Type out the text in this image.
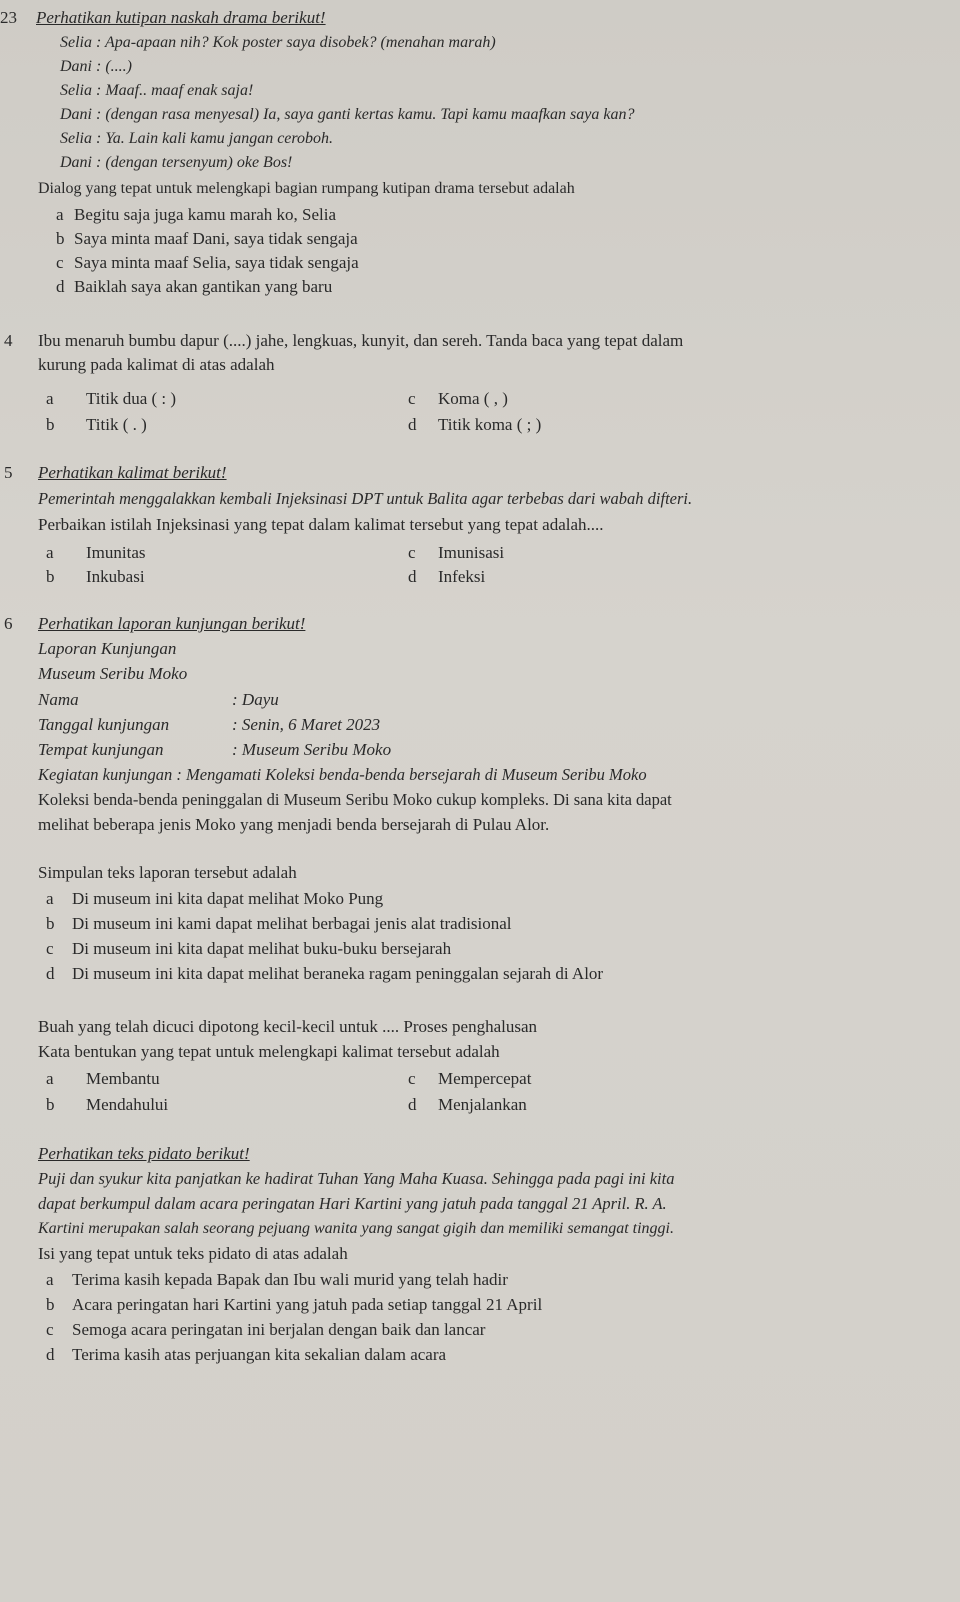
23 Perhatikan kutipan naskah drama berikut!
Selia : Apa-apaan nih? Kok poster saya disobek? (menahan marah)
Dani : (....)
Selia : Maaf.. maaf enak saja!
Dani : (dengan rasa menyesal) Ia, saya ganti kertas kamu. Tapi kamu maafkan saya kan?
Selia : Ya. Lain kali kamu jangan ceroboh.
Dani : (dengan tersenyum) oke Bos!
Dialog yang tepat untuk melengkapi bagian rumpang kutipan drama tersebut adalah
a Begitu saja juga kamu marah ko, Selia
b Saya minta maaf Dani, saya tidak sengaja
c Saya minta maaf Selia, saya tidak sengaja
d Baiklah saya akan gantikan yang baru
4 Ibu menaruh bumbu dapur (....) jahe, lengkuas, kunyit, dan sereh. Tanda baca yang tepat dalam
kurung pada kalimat di atas adalah
a Titik dua ( : )
b Titik ( . )
c Koma ( , )
d Titik koma ( ; )
5 Perhatikan kalimat berikut!
Pemerintah menggalakkan kembali Injeksinasi DPT untuk Balita agar terbebas dari wabah difteri.
Perbaikan istilah Injeksinasi yang tepat dalam kalimat tersebut yang tepat adalah....
a Imunitas
b Inkubasi
c Imunisasi
d Infeksi
6 Perhatikan laporan kunjungan berikut!
Laporan Kunjungan
Museum Seribu Moko
Nama	: Dayu
Tanggal kunjungan	: Senin, 6 Maret 2023
Tempat kunjungan	: Museum Seribu Moko
Kegiatan kunjungan : Mengamati Koleksi benda-benda bersejarah di Museum Seribu Moko
Koleksi benda-benda peninggalan di Museum Seribu Moko cukup kompleks. Di sana kita dapat
melihat beberapa jenis Moko yang menjadi benda bersejarah di Pulau Alor.
Simpulan teks laporan tersebut adalah
a Di museum ini kita dapat melihat Moko Pung
b Di museum ini kami dapat melihat berbagai jenis alat tradisional
c Di museum ini kita dapat melihat buku-buku bersejarah
d Di museum ini kita dapat melihat beraneka ragam peninggalan sejarah di Alor
Buah yang telah dicuci dipotong kecil-kecil untuk .... Proses penghalusan
Kata bentukan yang tepat untuk melengkapi kalimat tersebut adalah
a Membantu
b Mendahului
c Mempercepat
d Menjalankan
Perhatikan teks pidato berikut!
Puji dan syukur kita panjatkan ke hadirat Tuhan Yang Maha Kuasa. Sehingga pada pagi ini kita
dapat berkumpul dalam acara peringatan Hari Kartini yang jatuh pada tanggal 21 April. R. A.
Kartini merupakan salah seorang pejuang wanita yang sangat gigih dan memiliki semangat tinggi.
Isi yang tepat untuk teks pidato di atas adalah
a Terima kasih kepada Bapak dan Ibu wali murid yang telah hadir
b Acara peringatan hari Kartini yang jatuh pada setiap tanggal 21 April
c Semoga acara peringatan ini berjalan dengan baik dan lancar
d Terima kasih atas perjuangan kita sekalian dalam acara
